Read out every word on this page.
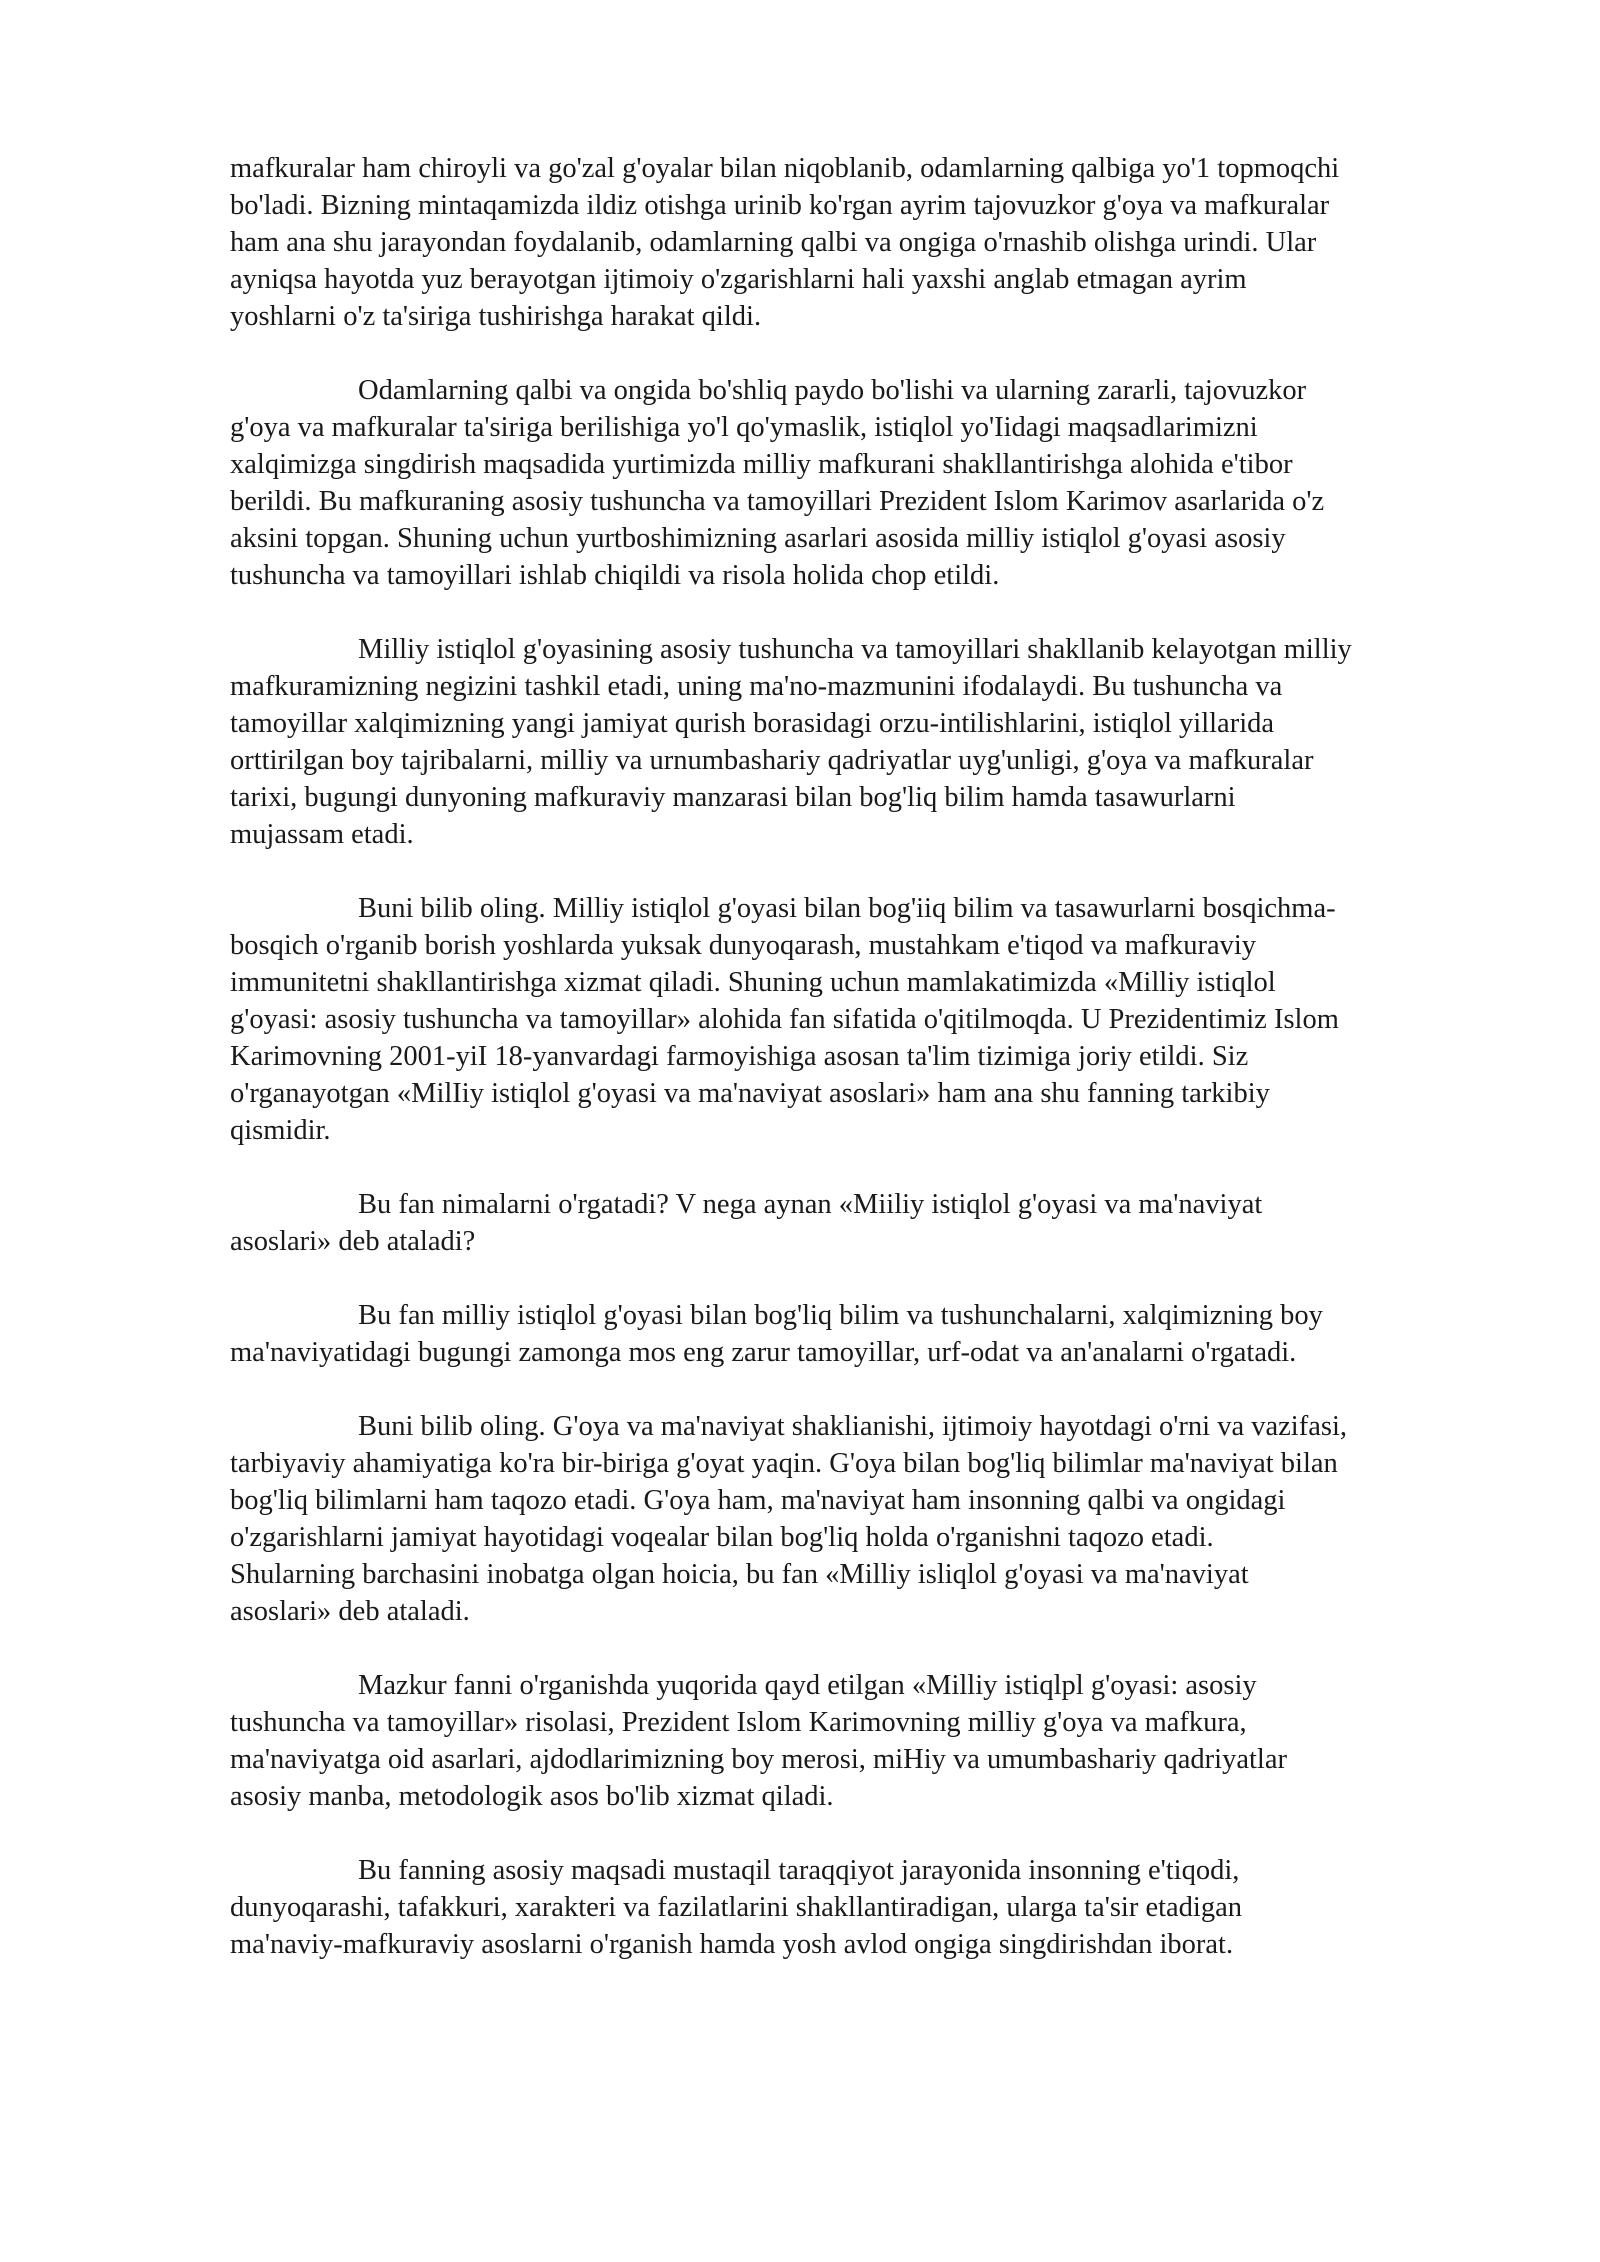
mafkuralar ham chiroyli va go'zal g'oyalar bilan niqoblanib, odamlarning qalbiga yo'1 topmoqchi
bo'ladi. Bizning mintaqamizda ildiz otishga urinib ko'rgan ayrim tajovuzkor g'oya va mafkuralar
ham ana shu jarayondan foydalanib, odamlarning qalbi va ongiga o'rnashib olishga urindi. Ular
ayniqsa hayotda yuz berayotgan ijtimoiy o'zgarishlarni hali yaxshi anglab etmagan ayrim
yoshlarni o'z ta'siriga tushirishga harakat qildi.
Odamlarning qalbi va ongida bo'shliq paydo bo'lishi va ularning zararli, tajovuzkor
g'oya va mafkuralar ta'siriga berilishiga yo'l qo'ymaslik, istiqlol yo'Iidagi maqsadlarimizni
xalqimizga singdirish maqsadida yurtimizda milliy mafkurani shakllantirishga alohida e'tibor
berildi. Bu mafkuraning asosiy tushuncha va tamoyillari Prezident Islom Karimov asarlarida o'z
aksini topgan. Shuning uchun yurtboshimizning asarlari asosida milliy istiqlol g'oyasi asosiy
tushuncha va tamoyillari ishlab chiqildi va risola holida chop etildi.
Milliy istiqlol g'oyasining asosiy tushuncha va tamoyillari shakllanib kelayotgan milliy
mafkuramizning negizini tashkil etadi, uning ma'no-mazmunini ifodalaydi. Bu tushuncha va
tamoyillar xalqimizning yangi jamiyat qurish borasidagi orzu-intilishlarini, istiqlol yillarida
orttirilgan boy tajribalarni, milliy va urnumbashariy qadriyatlar uyg'unligi, g'oya va mafkuralar
tarixi, bugungi dunyoning mafkuraviy manzarasi bilan bog'liq bilim hamda tasawurlarni
mujassam etadi.
Buni bilib oling. Milliy istiqlol g'oyasi bilan bog'iiq bilim va tasawurlarni bosqichma-
bosqich o'rganib borish yoshlarda yuksak dunyoqarash, mustahkam e'tiqod va mafkuraviy
immunitetni shakllantirishga xizmat qiladi. Shuning uchun mamlakatimizda «Milliy istiqlol
g'oyasi: asosiy tushuncha va tamoyillar» alohida fan sifatida o'qitilmoqda. U Prezidentimiz Islom
Karimovning 2001-yiI 18-yanvardagi farmoyishiga asosan ta'lim tizimiga joriy etildi. Siz
o'rganayotgan «MilIiy istiqlol g'oyasi va ma'naviyat asoslari» ham ana shu fanning tarkibiy
qismidir.
Bu fan nimalarni o'rgatadi? V nega aynan «Miiliy istiqlol g'oyasi va ma'naviyat
asoslari» deb ataladi?
Bu fan milliy istiqlol g'oyasi bilan bog'liq bilim va tushunchalarni, xalqimizning boy
ma'naviyatidagi bugungi zamonga mos eng zarur tamoyillar, urf-odat va an'analarni o'rgatadi.
Buni bilib oling. G'oya va ma'naviyat shaklianishi, ijtimoiy hayotdagi o'rni va vazifasi,
tarbiyaviy ahamiyatiga ko'ra bir-biriga g'oyat yaqin. G'oya bilan bog'liq bilimlar ma'naviyat bilan
bog'liq bilimlarni ham taqozo etadi. G'oya ham, ma'naviyat ham insonning qalbi va ongidagi
o'zgarishlarni jamiyat hayotidagi voqealar bilan bog'liq holda o'rganishni taqozo etadi.
Shularning barchasini inobatga olgan hoicia, bu fan «Milliy isliqlol g'oyasi va ma'naviyat
asoslari» deb ataladi.
Mazkur fanni o'rganishda yuqorida qayd etilgan «Milliy istiqlpl g'oyasi: asosiy
tushuncha va tamoyillar» risolasi, Prezident Islom Karimovning milliy g'oya va mafkura,
ma'naviyatga oid asarlari, ajdodlarimizning boy merosi, miHiy va umumbashariy qadriyatlar
asosiy manba, metodologik asos bo'lib xizmat qiladi.
Bu fanning asosiy maqsadi mustaqil taraqqiyot jarayonida insonning e'tiqodi,
dunyoqarashi, tafakkuri, xarakteri va fazilatlarini shakllantiradigan, ularga ta'sir etadigan
ma'naviy-mafkuraviy asoslarni o'rganish hamda yosh avlod ongiga singdirishdan iborat.
